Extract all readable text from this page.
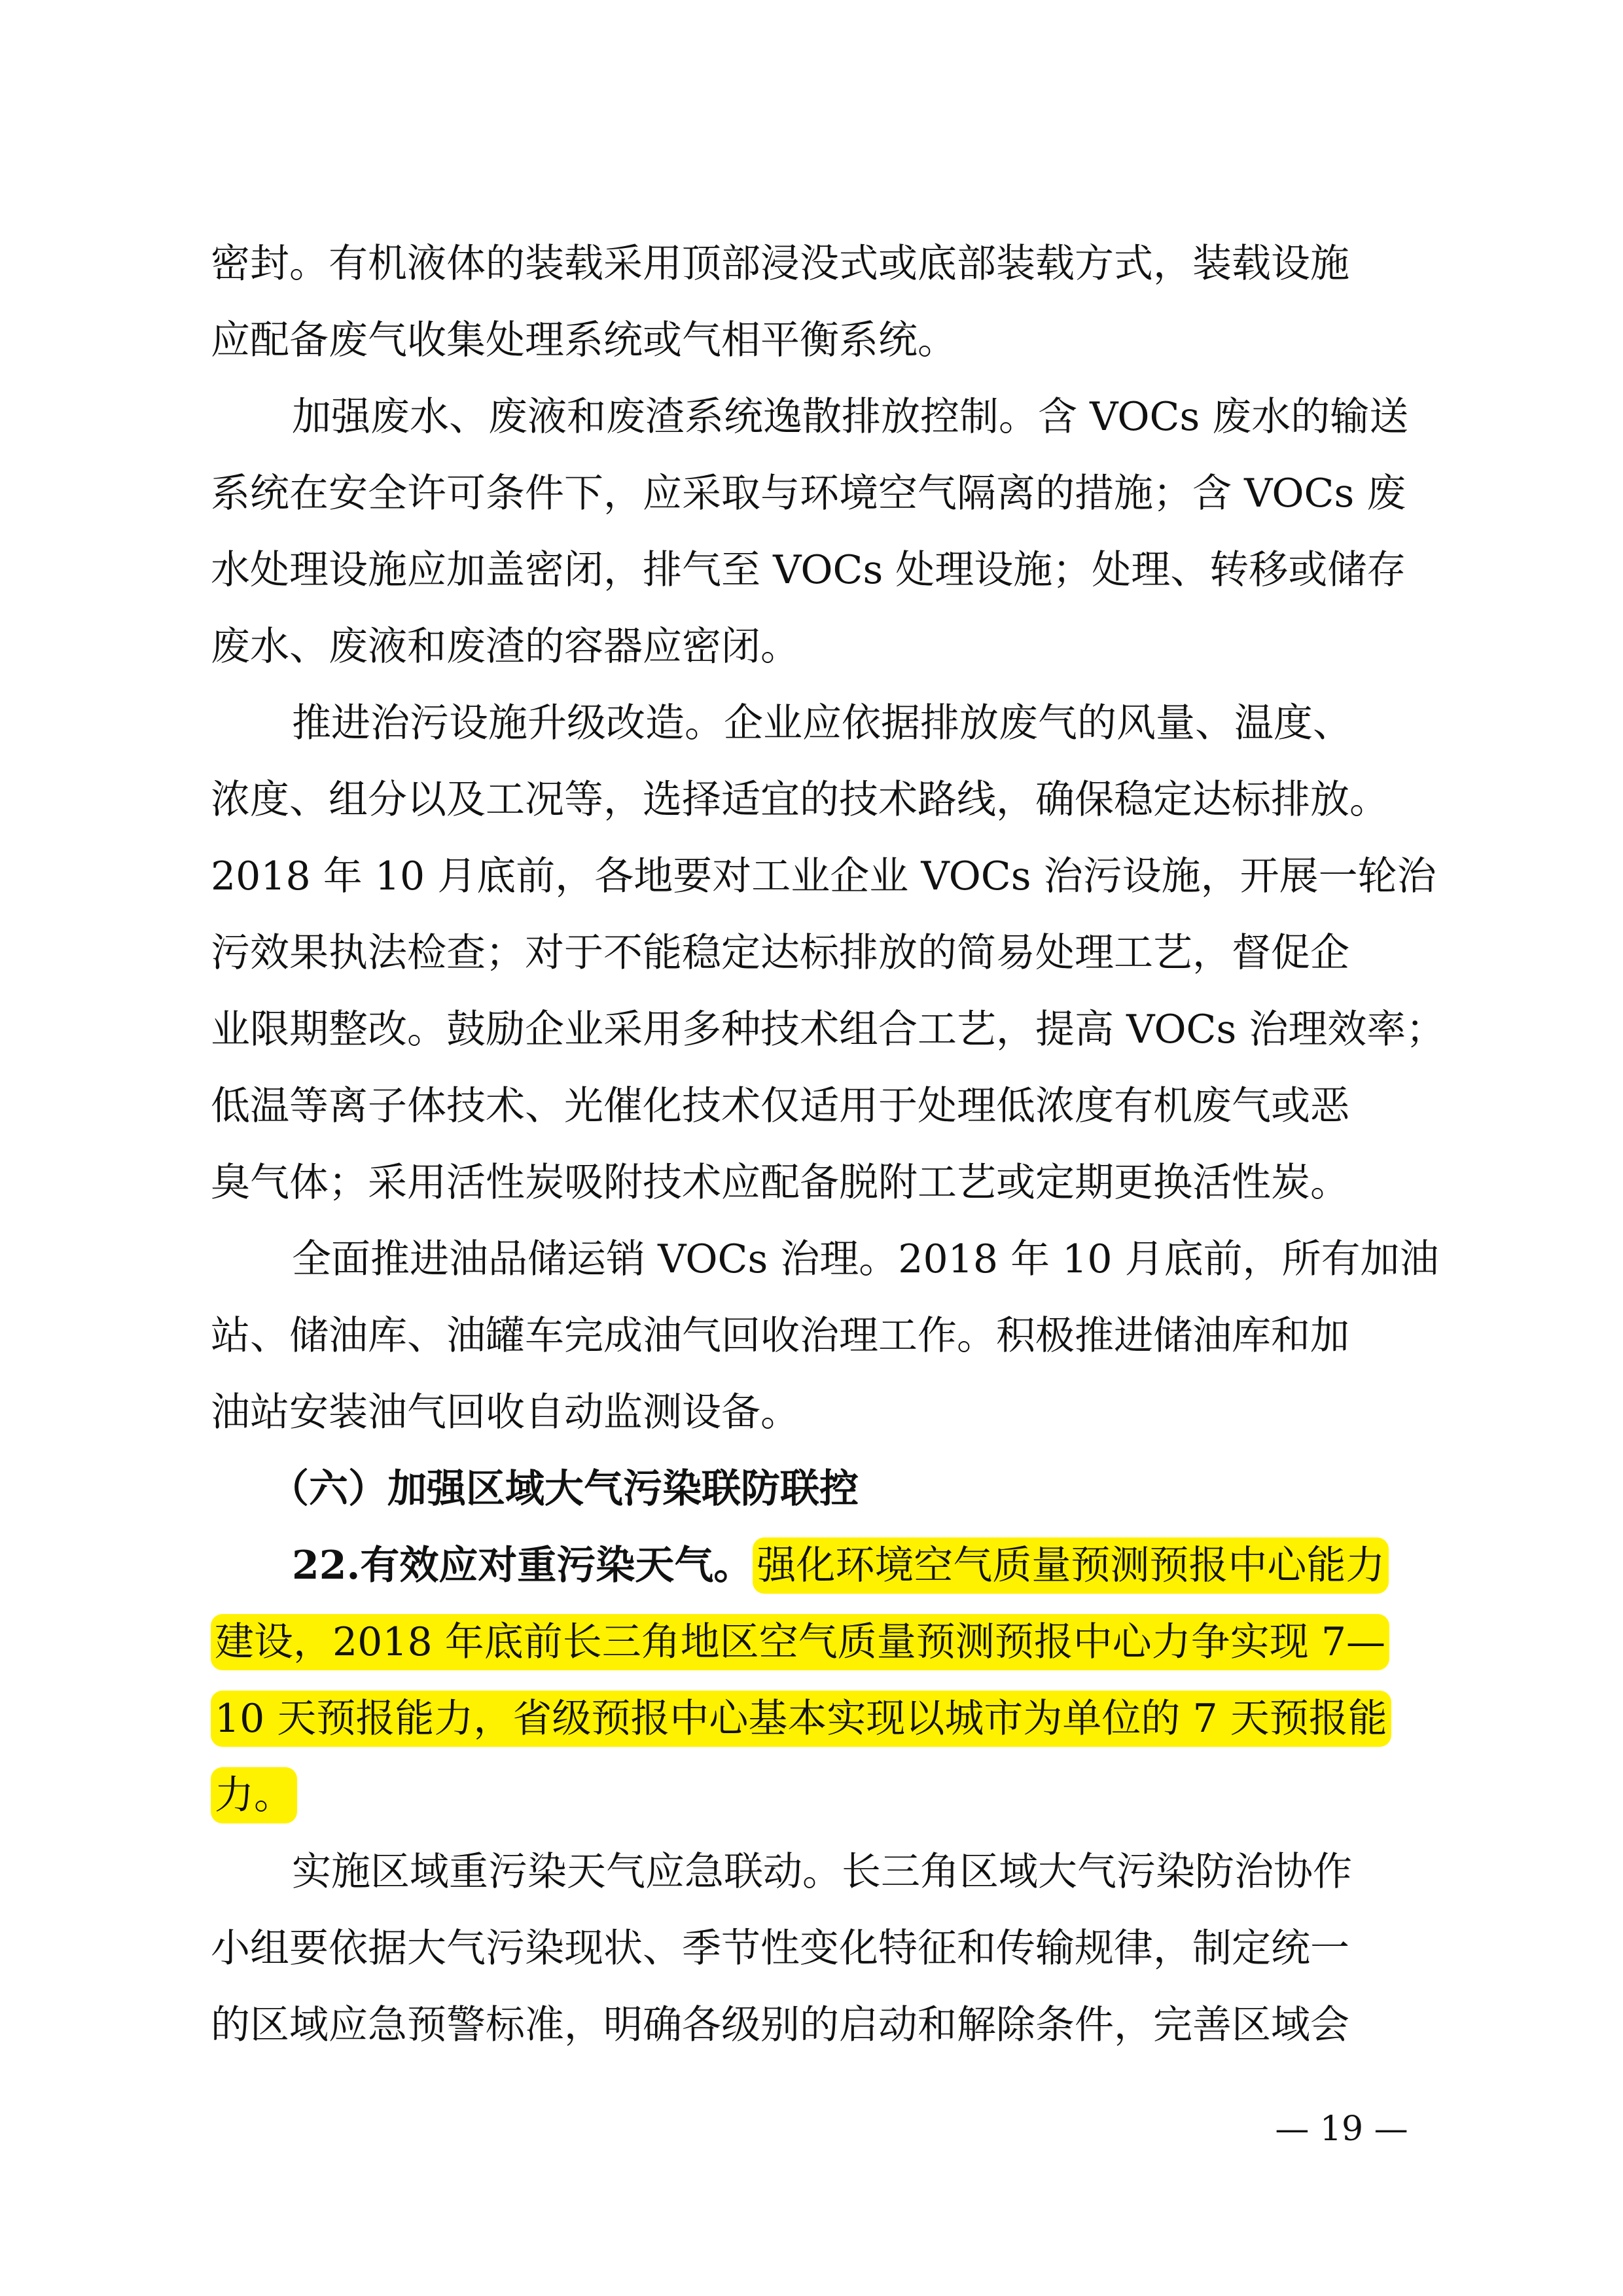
密封。有机液体的装载采用顶部浸没式或底部装载方式，装载设施
应配备废气收集处理系统或气相平衡系统。
加强废水、废液和废渣系统逸散排放控制。含 VOCs 废水的输送
系统在安全许可条件下，应采取与环境空气隔离的措施；含 VOCs 废
水处理设施应加盖密闭，排气至 VOCs 处理设施；处理、转移或储存
废水、废液和废渣的容器应密闭。
推进治污设施升级改造。企业应依据排放废气的风量、温度、
浓度、组分以及工况等，选择适宜的技术路线，确保稳定达标排放。
2018 年 10 月底前，各地要对工业企业 VOCs 治污设施，开展一轮治
污效果执法检查；对于不能稳定达标排放的简易处理工艺，督促企
业限期整改。鼓励企业采用多种技术组合工艺，提高 VOCs 治理效率；
低温等离子体技术、光催化技术仅适用于处理低浓度有机废气或恶
臭气体；采用活性炭吸附技术应配备脱附工艺或定期更换活性炭。
全面推进油品储运销 VOCs 治理。2018 年 10 月底前，所有加油
站、储油库、油罐车完成油气回收治理工作。积极推进储油库和加
油站安装油气回收自动监测设备。
（六）加强区域大气污染联防联控
22.有效应对重污染天气。 强化环境空气质量预测预报中心能力
建设，2018 年底前长三角地区空气质量预测预报中心力争实现 7—
10 天预报能力，省级预报中心基本实现以城市为单位的 7 天预报能
力。
实施区域重污染天气应急联动。长三角区域大气污染防治协作
小组要依据大气污染现状、季节性变化特征和传输规律，制定统一
的区域应急预警标准，明确各级别的启动和解除条件，完善区域会
— 19 —
